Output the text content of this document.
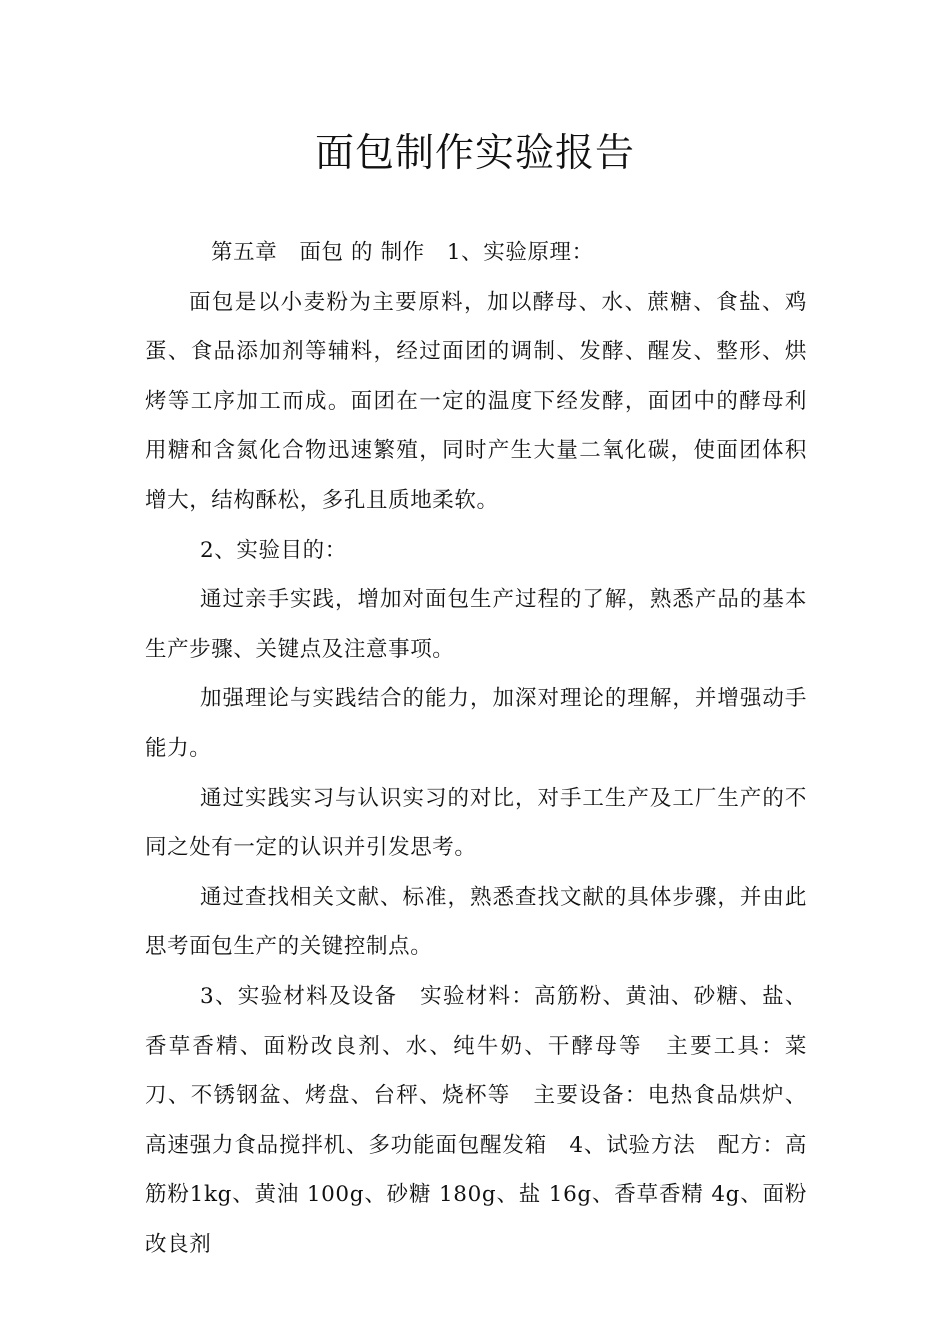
面包制作实验报告

第五章　面包 的 制作　1、实验原理：

面包是以小麦粉为主要原料，加以酵母、水、蔗糖、食盐、鸡蛋、食品添加剂等辅料，经过面团的调制、发酵、醒发、整形、烘烤等工序加工而成。面团在一定的温度下经发酵，面团中的酵母利用糖和含氮化合物迅速繁殖，同时产生大量二氧化碳，使面团体积增大，结构酥松，多孔且质地柔软。

2、实验目的：

通过亲手实践，增加对面包生产过程的了解，熟悉产品的基本生产步骤、关键点及注意事项。

加强理论与实践结合的能力，加深对理论的理解，并增强动手能力。

通过实践实习与认识实习的对比，对手工生产及工厂生产的不同之处有一定的认识并引发思考。

通过查找相关文献、标准，熟悉查找文献的具体步骤，并由此思考面包生产的关键控制点。

3、实验材料及设备　实验材料：高筋粉、黄油、砂糖、盐、香草香精、面粉改良剂、水、纯牛奶、干酵母等　主要工具：菜刀、不锈钢盆、烤盘、台秤、烧杯等　主要设备：电热食品烘炉、高速强力食品搅拌机、多功能面包醒发箱　4、试验方法　配方：高筋粉1kg、黄油 100g、砂糖 180g、盐 16g、香草香精 4g、面粉改良剂
